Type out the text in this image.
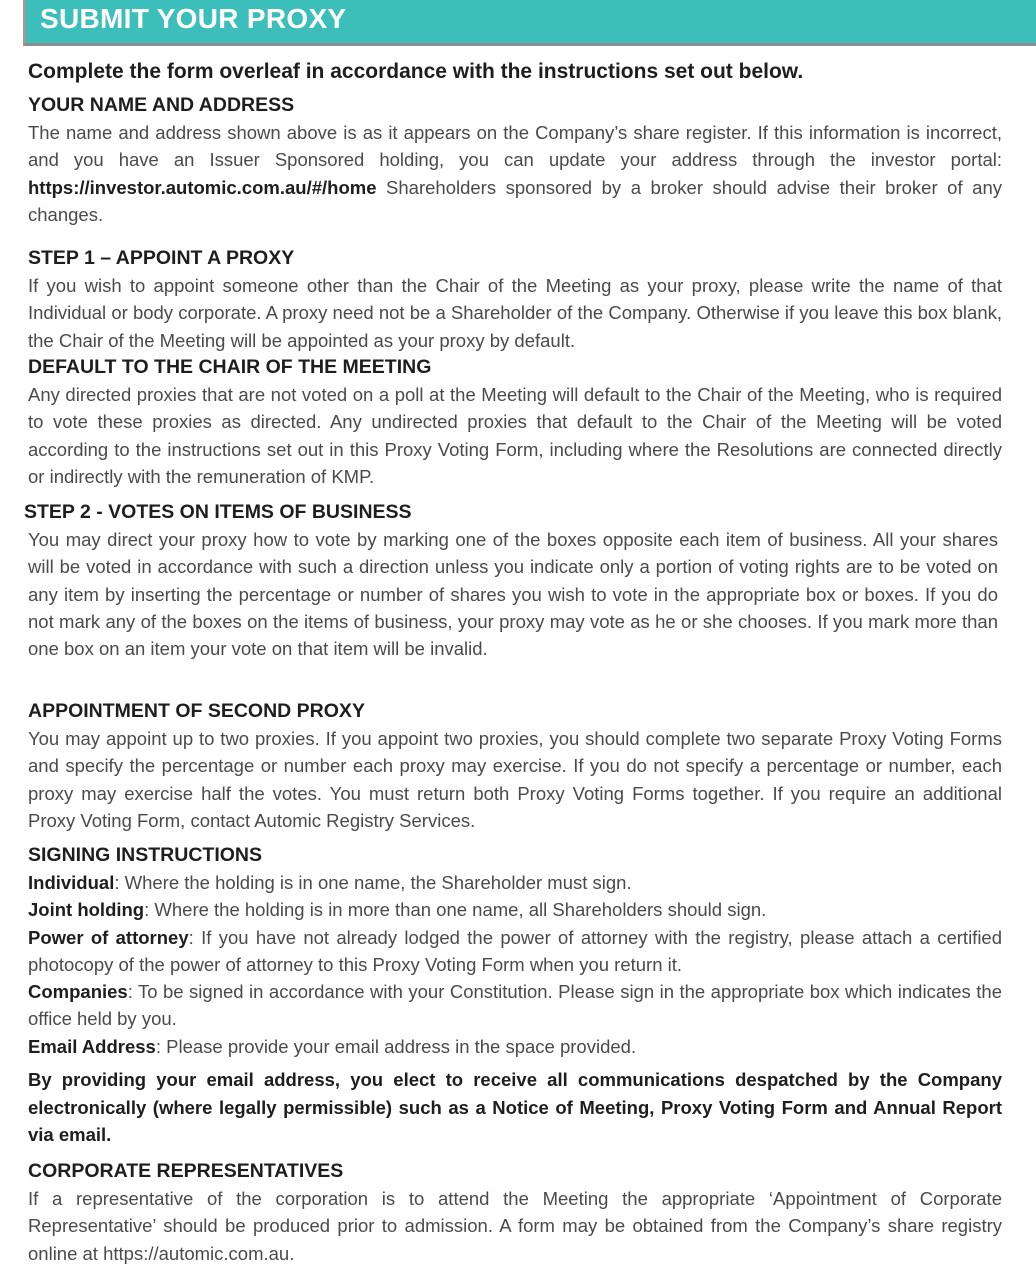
SUBMIT YOUR PROXY
Complete the form overleaf in accordance with the instructions set out below.
YOUR NAME AND ADDRESS

The name and address shown above is as it appears on the Company’s share register. If this information is incorrect, and you have an Issuer Sponsored holding, you can update your address through the investor portal: https://investor.automic.com.au/#/home Shareholders sponsored by a broker should advise their broker of any changes.

STEP 1 – APPOINT A PROXY

If you wish to appoint someone other than the Chair of the Meeting as your proxy, please write the name of that Individual or body corporate. A proxy need not be a Shareholder of the Company. Otherwise if you leave this box blank, the Chair of the Meeting will be appointed as your proxy by default.

DEFAULT TO THE CHAIR OF THE MEETING

Any directed proxies that are not voted on a poll at the Meeting will default to the Chair of the Meeting, who is required to vote these proxies as directed. Any undirected proxies that default to the Chair of the Meeting will be voted according to the instructions set out in this Proxy Voting Form, including where the Resolutions are connected directly or indirectly with the remuneration of KMP.

STEP 2 - VOTES ON ITEMS OF BUSINESS

You may direct your proxy how to vote by marking one of the boxes opposite each item of business. All your shares will be voted in accordance with such a direction unless you indicate only a portion of voting rights are to be voted on any item by inserting the percentage or number of shares you wish to vote in the appropriate box or boxes. If you do not mark any of the boxes on the items of business, your proxy may vote as he or she chooses. If you mark more than one box on an item your vote on that item will be invalid.

APPOINTMENT OF SECOND PROXY

You may appoint up to two proxies. If you appoint two proxies, you should complete two separate Proxy Voting Forms and specify the percentage or number each proxy may exercise. If you do not specify a percentage or number, each proxy may exercise half the votes. You must return both Proxy Voting Forms together. If you require an additional Proxy Voting Form, contact Automic Registry Services.

SIGNING INSTRUCTIONS
Individual: Where the holding is in one name, the Shareholder must sign.
Joint holding: Where the holding is in more than one name, all Shareholders should sign.
Power of attorney: If you have not already lodged the power of attorney with the registry, please attach a certified photocopy of the power of attorney to this Proxy Voting Form when you return it.
Companies: To be signed in accordance with your Constitution. Please sign in the appropriate box which indicates the office held by you.
Email Address: Please provide your email address in the space provided.
By providing your email address, you elect to receive all communications despatched by the Company electronically (where legally permissible) such as a Notice of Meeting, Proxy Voting Form and Annual Report via email.
CORPORATE REPRESENTATIVES

If a representative of the corporation is to attend the Meeting the appropriate ‘Appointment of Corporate Representative’ should be produced prior to admission. A form may be obtained from the Company’s share registry online at https://automic.com.au.
